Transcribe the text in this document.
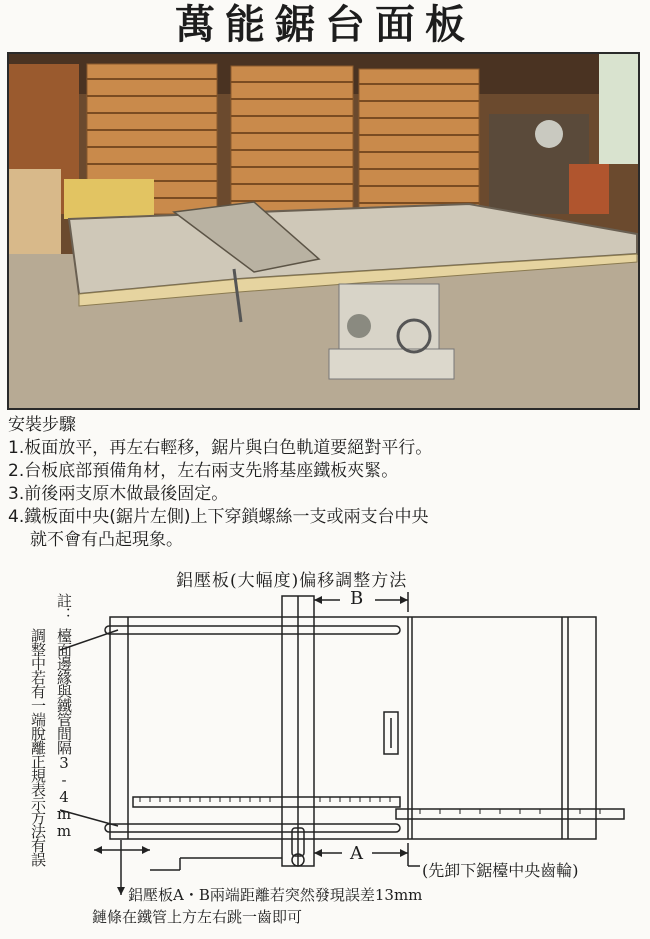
萬能鋸台面板
安裝步驟
1.板面放平，再左右輕移，鋸片與白色軌道要絕對平行。
2.台板底部預備角材，左右兩支先將基座鐵板夾緊。
3.前後兩支原木做最後固定。
4.鐵板面中央(鋸片左側)上下穿鎖螺絲一支或兩支台中央
就不會有凸起現象。
鋁壓板(大幅度)偏移調整方法
註：
檯面邊緣與鐵管間隔3-4mm
調整中若有一端脫離正規表示方法有誤
B
A
(先卸下鋸檯中央齒輪)
鋁壓板A・B兩端距離若突然發現誤差13mm
鏈條在鐵管上方左右跳一齒即可
